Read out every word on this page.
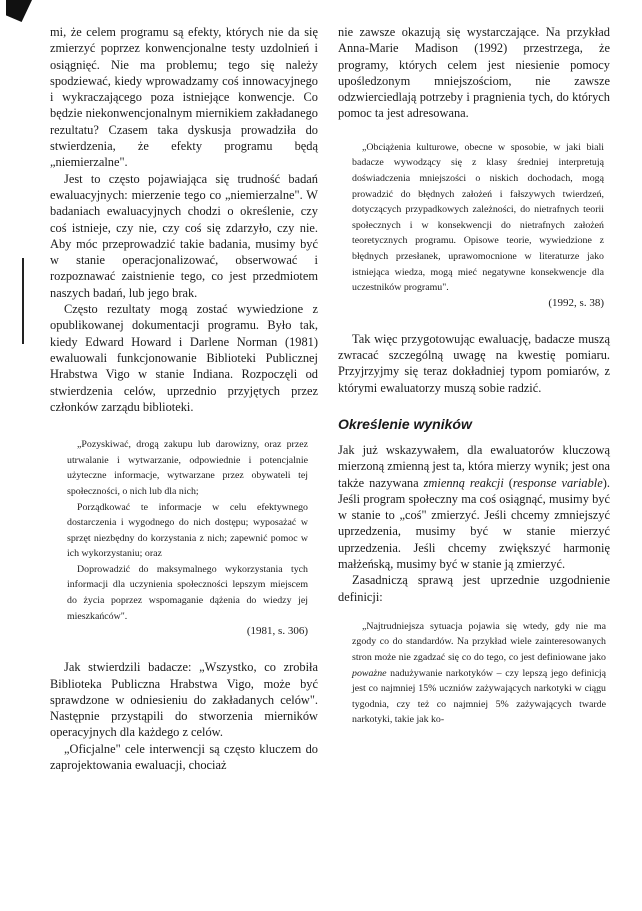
mi, że celem programu są efekty, których nie da się zmierzyć poprzez konwencjonalne testy uzdolnień i osiągnięć. Nie ma problemu; tego się należy spodziewać, kiedy wprowadzamy coś innowacyjnego i wykraczającego poza istniejące konwencje. Co będzie niekonwencjonalnym miernikiem zakładanego rezultatu? Czasem taka dyskusja prowadziła do stwierdzenia, że efekty programu będą „niemierzalne".

Jest to często pojawiająca się trudność badań ewaluacyjnych: mierzenie tego co „niemierzalne". W badaniach ewaluacyjnych chodzi o określenie, czy coś istnieje, czy nie, czy coś się zdarzyło, czy nie. Aby móc przeprowadzić takie badania, musimy być w stanie operacjonalizować, obserwować i rozpoznawać zaistnienie tego, co jest przedmiotem naszych badań, lub jego brak.

Często rezultaty mogą zostać wywiedzione z opublikowanej dokumentacji programu. Było tak, kiedy Edward Howard i Darlene Norman (1981) ewaluowali funkcjonowanie Biblioteki Publicznej Hrabstwa Vigo w stanie Indiana. Rozpoczęli od stwierdzenia celów, uprzednio przyjętych przez członków zarządu biblioteki.

„Pozyskiwać, drogą zakupu lub darowizny, oraz przez utrwalanie i wytwarzanie, odpowiednie i potencjalnie użyteczne informacje, wytwarzane przez obywateli tej społeczności, o nich lub dla nich;

Porządkować te informacje w celu efektywnego dostarczenia i wygodnego do nich dostępu; wyposażać w sprzęt niezbędny do korzystania z nich; zapewnić pomoc w ich wykorzystaniu; oraz

Doprowadzić do maksymalnego wykorzystania tych informacji dla uczynienia społeczności lepszym miejscem do życia poprzez wspomaganie dążenia do wiedzy jej mieszkańców".

(1981, s. 306)

Jak stwierdzili badacze: „Wszystko, co zrobiła Biblioteka Publiczna Hrabstwa Vigo, może być sprawdzone w odniesieniu do zakładanych celów". Następnie przystąpili do stworzenia mierników operacyjnych dla każdego z celów.

„Oficjalne" cele interwencji są często kluczem do zaprojektowania ewaluacji, chociaż

nie zawsze okazują się wystarczające. Na przykład Anna-Marie Madison (1992) przestrzega, że programy, których celem jest niesienie pomocy upośledzonym mniejszościom, nie zawsze odzwierciedlają potrzeby i pragnienia tych, do których pomoc ta jest adresowana.

„Obciążenia kulturowe, obecne w sposobie, w jaki biali badacze wywodzący się z klasy średniej interpretują doświadczenia mniejszości o niskich dochodach, mogą prowadzić do błędnych założeń i fałszywych twierdzeń, dotyczących przypadkowych zależności, do nietrafnych teorii społecznych i w konsekwencji do nietrafnych założeń teoretycznych programu. Opisowe teorie, wywiedzione z błędnych przesłanek, uprawomocnione w literaturze jako istniejąca wiedza, mogą mieć negatywne konsekwencje dla uczestników programu".

(1992, s. 38)

Tak więc przygotowując ewaluację, badacze muszą zwracać szczególną uwagę na kwestię pomiaru. Przyjrzyjmy się teraz dokładniej typom pomiarów, z którymi ewaluatorzy muszą sobie radzić.

Określenie wyników

Jak już wskazywałem, dla ewaluatorów kluczową mierzoną zmienną jest ta, która mierzy wynik; jest ona także nazywana zmienną reakcji (response variable). Jeśli program społeczny ma coś osiągnąć, musimy być w stanie to „coś" zmierzyć. Jeśli chcemy zmniejszyć uprzedzenia, musimy być w stanie mierzyć uprzedzenia. Jeśli chcemy zwiększyć harmonię małżeńską, musimy być w stanie ją zmierzyć.

Zasadniczą sprawą jest uprzednie uzgodnienie definicji:

„Najtrudniejsza sytuacja pojawia się wtedy, gdy nie ma zgody co do standardów. Na przykład wiele zainteresowanych stron może nie zgadzać się co do tego, co jest definiowane jako poważne nadużywanie narkotyków – czy lepszą jego definicją jest co najmniej 15% uczniów zażywających narkotyki w ciągu tygodnia, czy też co najmniej 5% zażywających twarde narkotyki, takie jak ko-
